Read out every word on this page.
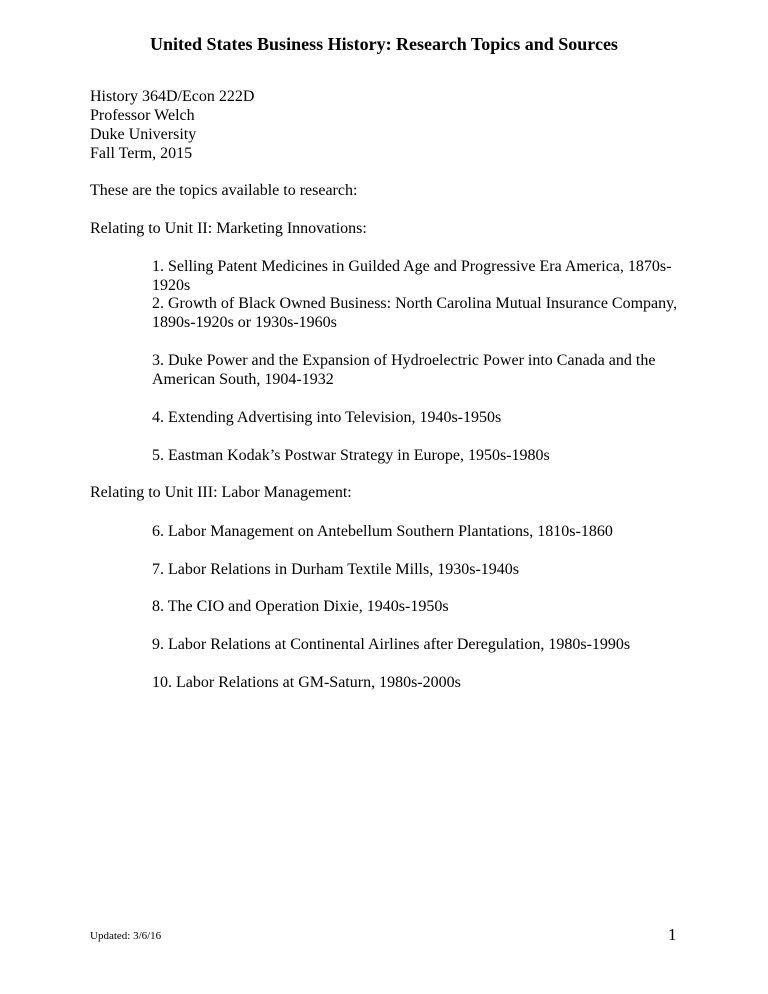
United States Business History: Research Topics and Sources
History 364D/Econ 222D
Professor Welch
Duke University
Fall Term, 2015
These are the topics available to research:
Relating to Unit II: Marketing Innovations:
1. Selling Patent Medicines in Guilded Age and Progressive Era America, 1870s-1920s
2. Growth of Black Owned Business: North Carolina Mutual Insurance Company, 1890s-1920s or 1930s-1960s
3. Duke Power and the Expansion of Hydroelectric Power into Canada and the American South, 1904-1932
4. Extending Advertising into Television, 1940s-1950s
5. Eastman Kodak’s Postwar Strategy in Europe, 1950s-1980s
Relating to Unit III: Labor Management:
6. Labor Management on Antebellum Southern Plantations, 1810s-1860
7. Labor Relations in Durham Textile Mills, 1930s-1940s
8. The CIO and Operation Dixie, 1940s-1950s
9. Labor Relations at Continental Airlines after Deregulation, 1980s-1990s
10. Labor Relations at GM-Saturn, 1980s-2000s
Updated: 3/6/16	1
